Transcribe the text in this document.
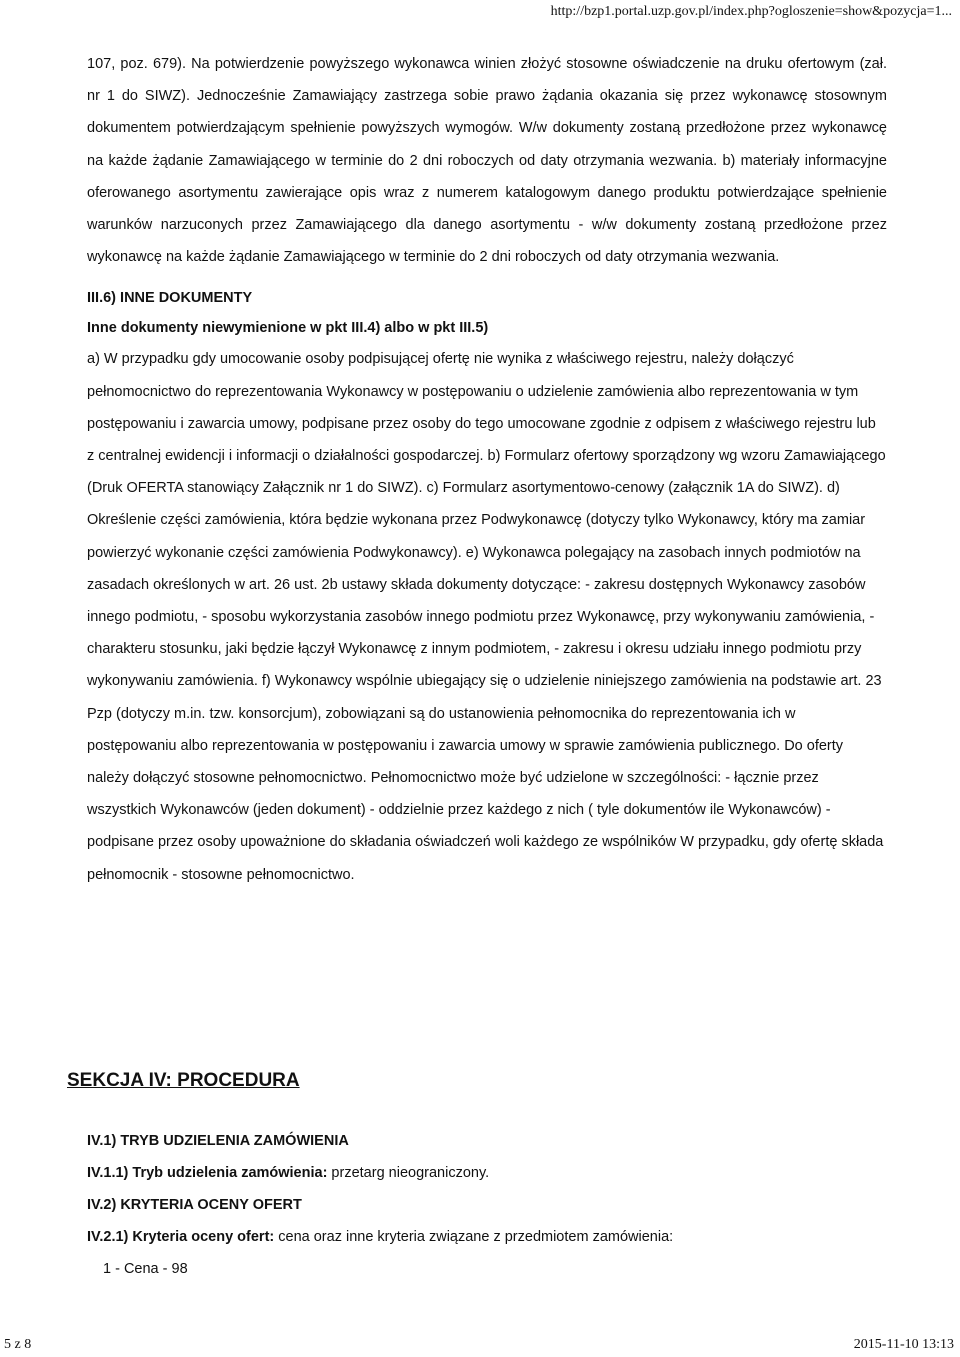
http://bzp1.portal.uzp.gov.pl/index.php?ogloszenie=show&pozycja=1...

107, poz. 679). Na potwierdzenie powyższego wykonawca winien złożyć stosowne oświadczenie na druku ofertowym (zał. nr 1 do SIWZ). Jednocześnie Zamawiający zastrzega sobie prawo żądania okazania się przez wykonawcę stosownym dokumentem potwierdzającym spełnienie powyższych wymogów. W/w dokumenty zostaną przedłożone przez wykonawcę na każde żądanie Zamawiającego w terminie do 2 dni roboczych od daty otrzymania wezwania. b) materiały informacyjne oferowanego asortymentu zawierające opis wraz z numerem katalogowym danego produktu potwierdzające spełnienie warunków narzuconych przez Zamawiającego dla danego asortymentu - w/w dokumenty zostaną przedłożone przez wykonawcę na każde żądanie Zamawiającego w terminie do 2 dni roboczych od daty otrzymania wezwania.

III.6) INNE DOKUMENTY
Inne dokumenty niewymienione w pkt III.4) albo w pkt III.5)

a) W przypadku gdy umocowanie osoby podpisującej ofertę nie wynika z właściwego rejestru, należy dołączyć pełnomocnictwo do reprezentowania Wykonawcy w postępowaniu o udzielenie zamówienia albo reprezentowania w tym postępowaniu i zawarcia umowy, podpisane przez osoby do tego umocowane zgodnie z odpisem z właściwego rejestru lub z centralnej ewidencji i informacji o działalności gospodarczej. b) Formularz ofertowy sporządzony wg wzoru Zamawiającego (Druk OFERTA stanowiący Załącznik nr 1 do SIWZ). c) Formularz asortymentowo-cenowy (załącznik 1A do SIWZ). d) Określenie części zamówienia, która będzie wykonana przez Podwykonawcę (dotyczy tylko Wykonawcy, który ma zamiar powierzyć wykonanie części zamówienia Podwykonawcy). e) Wykonawca polegający na zasobach innych podmiotów na zasadach określonych w art. 26 ust. 2b ustawy składa dokumenty dotyczące: - zakresu dostępnych Wykonawcy zasobów innego podmiotu, - sposobu wykorzystania zasobów innego podmiotu przez Wykonawcę, przy wykonywaniu zamówienia, - charakteru stosunku, jaki będzie łączył Wykonawcę z innym podmiotem, - zakresu i okresu udziału innego podmiotu przy wykonywaniu zamówienia. f) Wykonawcy wspólnie ubiegający się o udzielenie niniejszego zamówienia na podstawie art. 23 Pzp (dotyczy m.in. tzw. konsorcjum), zobowiązani są do ustanowienia pełnomocnika do reprezentowania ich w postępowaniu albo reprezentowania w postępowaniu i zawarcia umowy w sprawie zamówienia publicznego. Do oferty należy dołączyć stosowne pełnomocnictwo. Pełnomocnictwo może być udzielone w szczególności: - łącznie przez wszystkich Wykonawców (jeden dokument) - oddzielnie przez każdego z nich ( tyle dokumentów ile Wykonawców) - podpisane przez osoby upoważnione do składania oświadczeń woli każdego ze wspólników W przypadku, gdy ofertę składa pełnomocnik - stosowne pełnomocnictwo.

SEKCJA IV: PROCEDURA
IV.1) TRYB UDZIELENIA ZAMÓWIENIA
IV.1.1) Tryb udzielenia zamówienia: przetarg nieograniczony.
IV.2) KRYTERIA OCENY OFERT
IV.2.1) Kryteria oceny ofert: cena oraz inne kryteria związane z przedmiotem zamówienia:
1 - Cena - 98
5 z 8	2015-11-10 13:13
